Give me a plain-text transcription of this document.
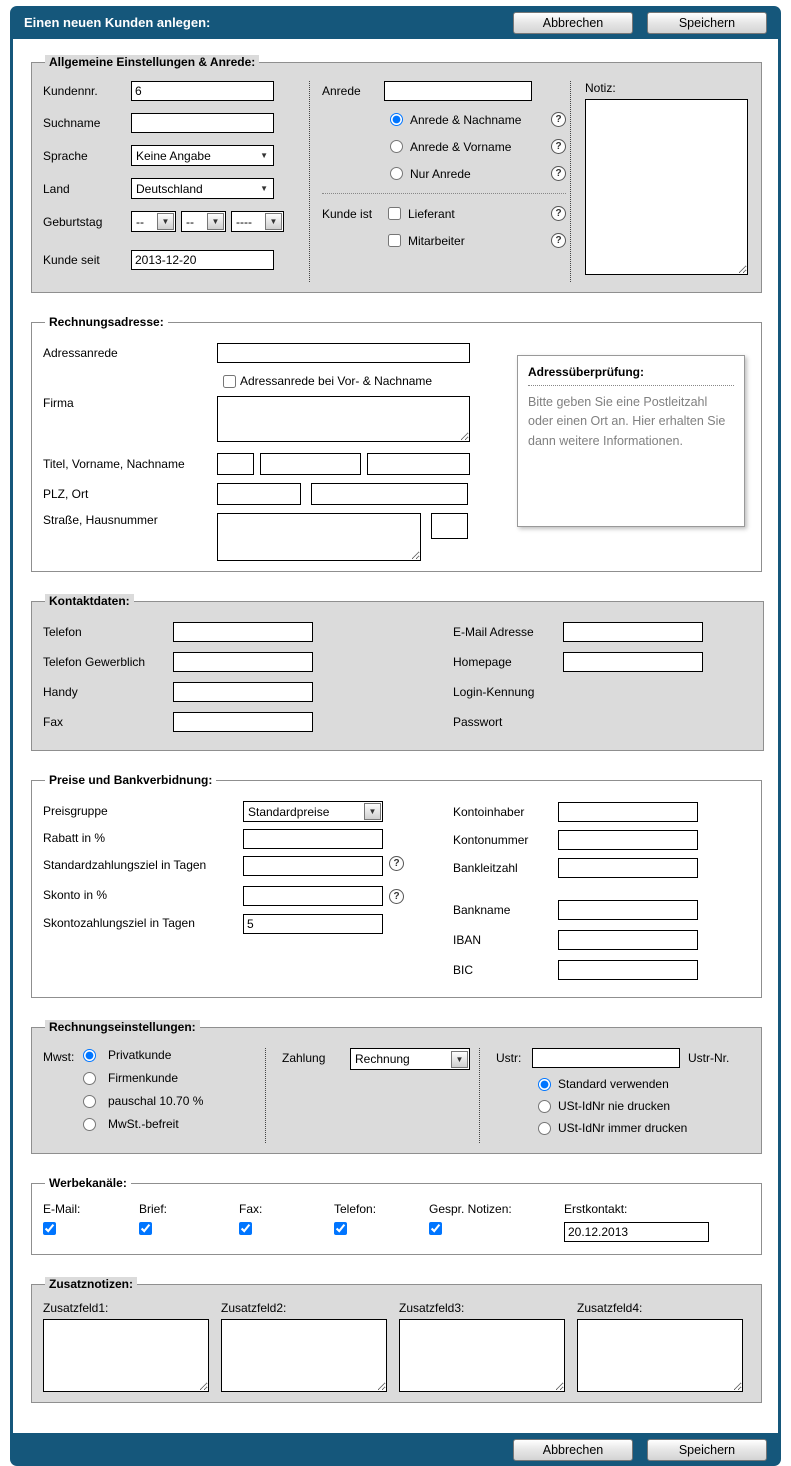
Einen neuen Kunden anlegen:	Abbrechen	Speichern
Allgemeine Einstellungen & Anrede:
Kundennr.
6
Suchname
Sprache	Keine Angabe	▼
Land	Deutschland	▼
Geburtstag	--	▼	--	▼	----	▼
Kunde seit
2013-12-20
Anrede
Anrede & Nachname	?
Anrede & Vorname	?
Nur Anrede	?
Kunde ist	Lieferant	?
Mitarbeiter	?
Notiz:
Rechnungsadresse:
Adressanrede
Adressanrede bei Vor- & Nachname
Firma
Titel, Vorname, Nachname
PLZ, Ort
Straße, Hausnummer
Adressüberprüfung:
Bitte geben Sie eine Postleitzahl oder einen Ort an. Hier erhalten Sie dann weitere Informationen.
Kontaktdaten:
Telefon
Telefon Gewerblich
Handy
Fax
E-Mail Adresse
Homepage
Login-Kennung
Passwort
Preise und Bankverbidnung:
Preisgruppe	Standardpreise	▼
Rabatt in %
Standardzahlungsziel in Tagen	?
Skonto in %	?
Skontozahlungsziel in Tagen
5
Kontoinhaber
Kontonummer
Bankleitzahl
Bankname
IBAN
BIC
Rechnungseinstellungen:
Mwst:	Privatkunde
Firmenkunde
pauschal 10.70 %
MwSt.-befreit
Zahlung	Rechnung	▼	Ustr:	Ustr-Nr.
Standard verwenden
USt-IdNr nie drucken
USt-IdNr immer drucken
Werbekanäle:
E-Mail:	Brief:	Fax:	Telefon:	Gespr. Notizen:	Erstkontakt:
20.12.2013
Zusatznotizen:
Zusatzfeld1:	Zusatzfeld2:	Zusatzfeld3:	Zusatzfeld4:
Abbrechen	Speichern
